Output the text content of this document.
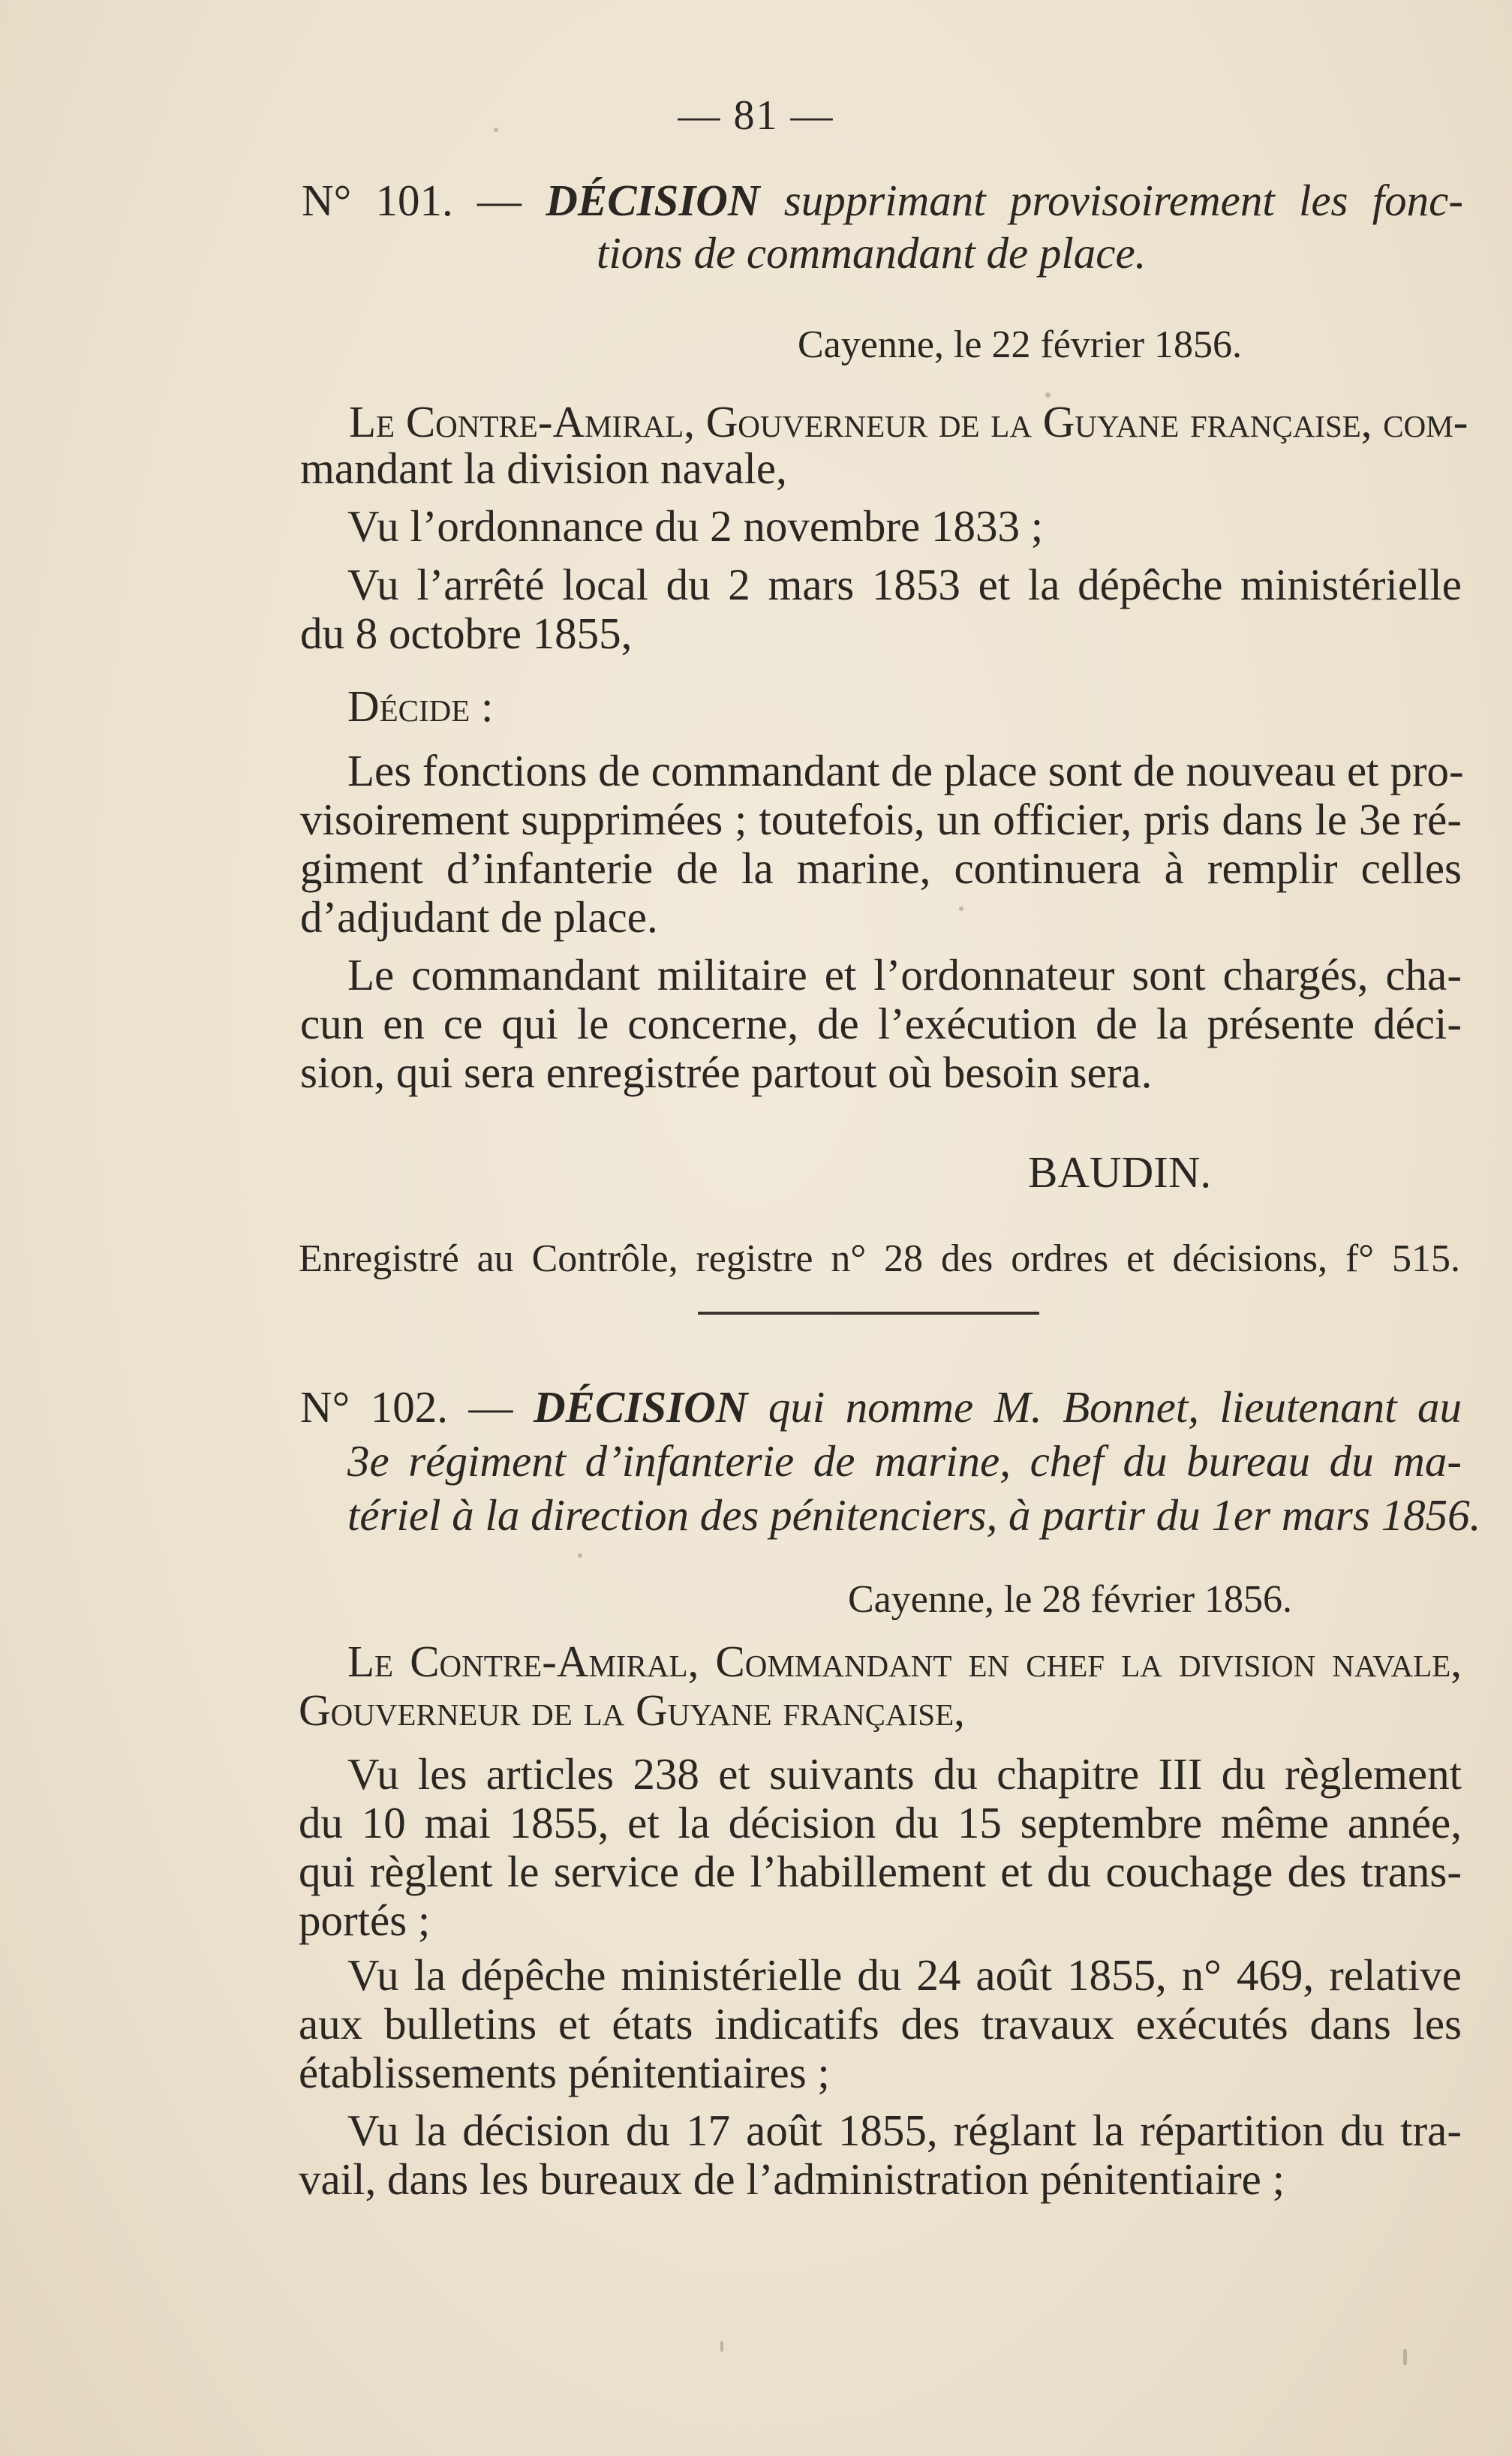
— 81 —
N° 101. — DÉCISION supprimant provisoirement les fonc-
tions de commandant de place.
Cayenne, le 22 février 1856.
Le Contre-Amiral, Gouverneur de la Guyane française, com-
mandant la division navale,
Vu l’ordonnance du 2 novembre 1833 ;
Vu l’arrêté local du 2 mars 1853 et la dépêche ministérielle
du 8 octobre 1855,
Décide :
Les fonctions de commandant de place sont de nouveau et pro-
visoirement supprimées ; toutefois, un officier, pris dans le 3e ré-
giment d’infanterie de la marine, continuera à remplir celles
d’adjudant de place.
Le commandant militaire et l’ordonnateur sont chargés, cha-
cun en ce qui le concerne, de l’exécution de la présente déci-
sion, qui sera enregistrée partout où besoin sera.
BAUDIN.
Enregistré au Contrôle, registre n° 28 des ordres et décisions, f° 515.
N° 102. — DÉCISION qui nomme M. Bonnet, lieutenant au
3e régiment d’infanterie de marine, chef du bureau du ma-
tériel à la direction des pénitenciers, à partir du 1er mars 1856.
Cayenne, le 28 février 1856.
Le Contre-Amiral, Commandant en chef la division navale,
Gouverneur de la Guyane française,
Vu les articles 238 et suivants du chapitre III du règlement
du 10 mai 1855, et la décision du 15 septembre même année,
qui règlent le service de l’habillement et du couchage des trans-
portés ;
Vu la dépêche ministérielle du 24 août 1855, n° 469, relative
aux bulletins et états indicatifs des travaux exécutés dans les
établissements pénitentiaires ;
Vu la décision du 17 août 1855, réglant la répartition du tra-
vail, dans les bureaux de l’administration pénitentiaire ;
